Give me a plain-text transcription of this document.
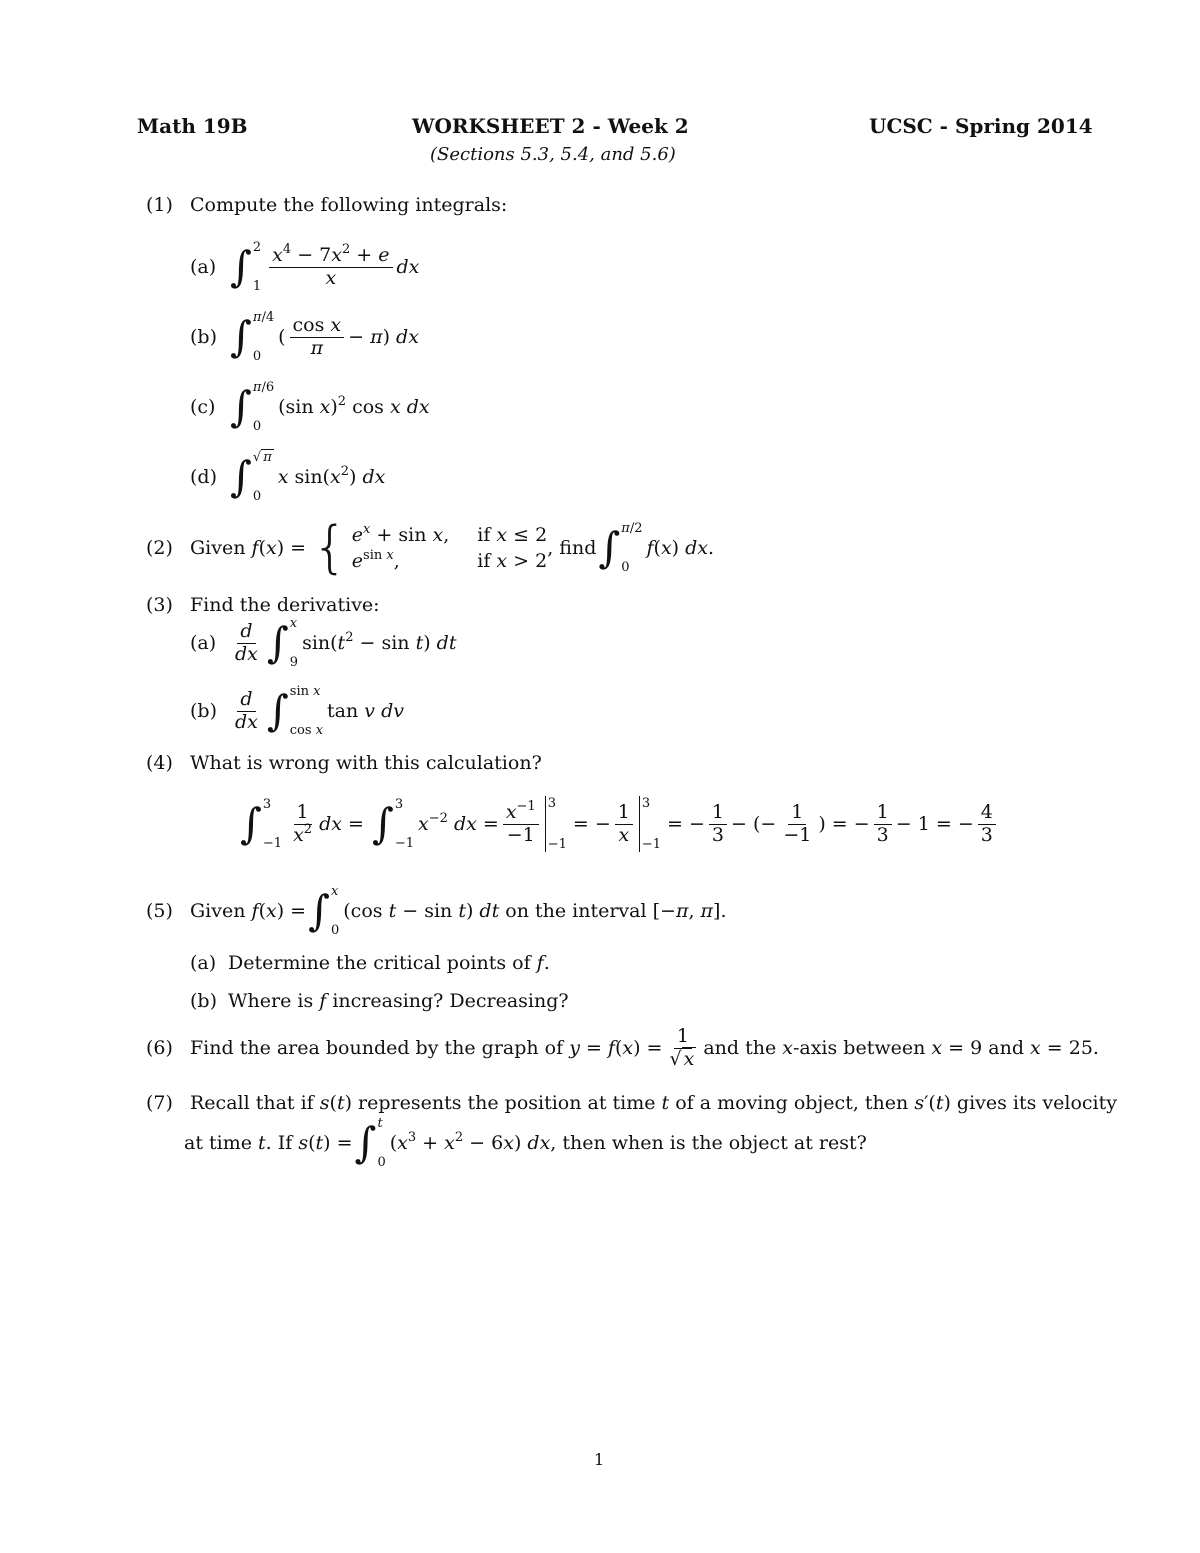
Math 19B	WORKSHEET 2 - Week 2	UCSC - Spring 2014
(Sections 5.3, 5.4, and 5.6)
(1) Compute the following integrals:
(a) ∫ 2
$1 \frac{x^4 - 7x^2 + e}{x}$ dx
(b) ∫ π/4
0
( $\frac{\text{cos x}}{\pi} - \pi$) dx
(c) ∫ π/6
0
(sin x)$^2$ cos x dx
(d) ∫ √ π
0
x $\sin(x^2)$ dx
(2) Given f(x) = { $e^x + \sin x$, if x ≤ 2
$e^{sin x}$,	if x > 2
, find ∫ π/2
0
f(x) dx.
(3) Find the derivative:
$(a) \frac{d}{dx}$ ∫ x
9
$\sin(t^2 - \sin t)$ dt
$(b) \frac{d}{dx}$ ∫ sin x
cos x
tan v dv
(4) What is wrong with this calculation?
∫ 3
$-1 \frac{1}{x^2}$ dx = ∫ 3
−1
$x^{-2}$ dx = $\frac{x^{-1}}{-1} 3$
−1
= − $\frac{1}{x} 3$
−1
= − $\frac{1}{3}$ − (− $\frac{1}{-1}$ ) = − $\frac{1}{3} - 1$ = − $\frac{4}{3}$
(5) Given f(x) = ∫ x
0
(cos t − sin t) dt on the interval [−π, π].
(a) Determine the critical points of f.
(b) Where is f increasing? Decreasing?
(6) Find the area bounded by the graph of $y = f(x) = \frac{1}{√ x}$ and the x -axis between x = 9 and x = 25.
(7) Recall that if s(t) represents the position at time t of a moving object, then s′(t) gives its velocity
at time t . If s(t) = ∫ t
0
$(x^3 + x^2 - 6x)$ dx , then when is the object at rest?
1
